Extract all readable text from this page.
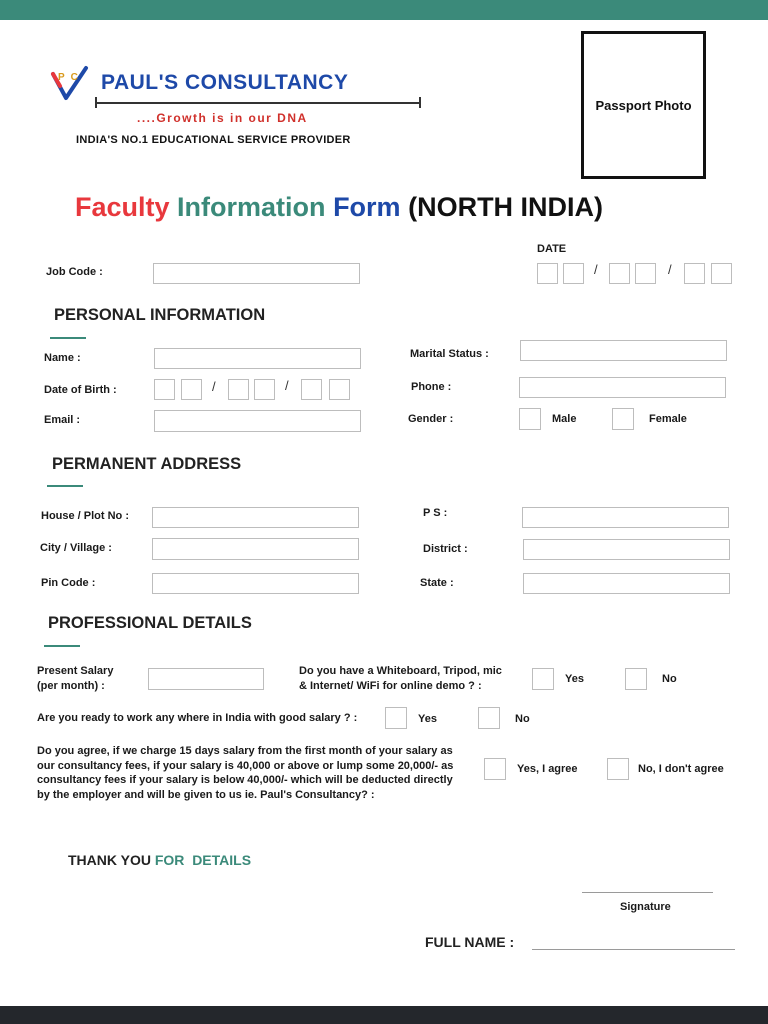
PC PAUL'S CONSULTANCY
....Growth is in our DNA
INDIA'S NO.1 EDUCATIONAL SERVICE PROVIDER
Passport Photo
Faculty Information Form (NORTH INDIA)
DATE
/	/
Job Code :
PERSONAL INFORMATION
Name :
Date of Birth :	/	/
Email :
Marital Status :
Phone :
Gender :	Male	Female
PERMANENT ADDRESS
House / Plot No :
City / Village :
Pin Code :
P S :
District :
State :
PROFESSIONAL DETAILS
Present Salary
(per month) :
Do you have a Whiteboard, Tripod, mic
& Internet/ WiFi for online demo ? :
Yes	No
Are you ready to work any where in India with good salary ? :	Yes	No
Do you agree, if we charge 15 days salary from the first month of your salary as our consultancy fees, if your salary is 40,000 or above or lump some 20,000/- as consultancy fees if your salary is below 40,000/- which will be deducted directly by the employer and will be given to us ie. Paul's Consultancy? :
Yes, I agree	No, I don't agree
THANK YOU FOR  DETAILS
Signature
FULL NAME :
